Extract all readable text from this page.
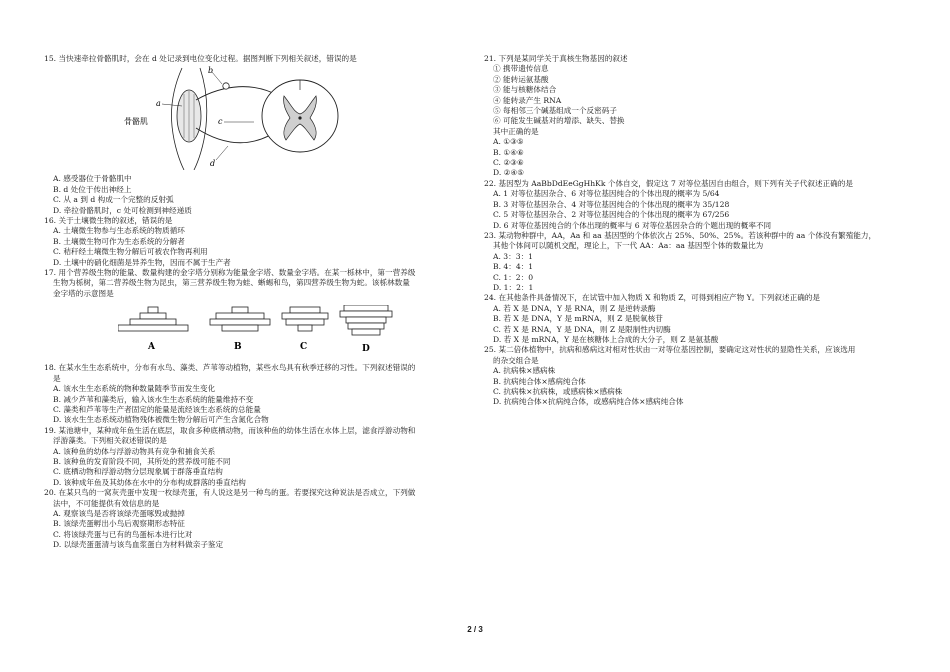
15. 当快速牵拉骨骼肌时，会在 d 处记录到电位变化过程。据图判断下列相关叙述，错误的是
a
b
c
d
骨骼肌
A. 感受器位于骨骼肌中
B. d 处位于传出神经上
C. 从 a 到 d 构成一个完整的反射弧
D. 牵拉骨骼肌时，c 处可检测到神经递质
16. 关于土壤微生物的叙述，错误的是
A. 土壤微生物参与生态系统的物质循环
B. 土壤微生物可作为生态系统的分解者
C. 秸秆经土壤微生物分解后可被农作物再利用
D. 土壤中的硝化细菌是异养生物，因而不属于生产者
17. 用个营养级生物的能量、数量构建的金字塔分别称为能量金字塔、数量金字塔。在某一栎林中，第一营养级
生物为栎树，第二营养级生物为昆虫，第三营养级生物为蛙、蜥蜴和鸟，第四营养级生物为蛇。该栎林数量
金字塔的示意图是
A	B	C	D
18. 在某水生生态系统中，分布有水鸟、藻类、芦苇等动植物，某些水鸟具有秋季迁移的习性。下列叙述错误的
是
A. 该水生生态系统的物种数量随季节而发生变化
B. 减少芦苇和藻类后，输入该水生生态系统的能量维持不变
C. 藻类和芦苇等生产者固定的能量是流经该生态系统的总能量
D. 该水生生态系统动植物残体被微生物分解后可产生含氮化合物
19. 某池塘中，某种成年鱼生活在底层，取食多种底栖动物，而该种鱼的幼体生活在水体上层，滤食浮游动物和
浮游藻类。下列相关叙述错误的是
A. 该种鱼的幼体与浮游动物具有竞争和捕食关系
B. 该种鱼的发育阶段不同，其所处的营养级可能不同
C. 底栖动物和浮游动物分层现象属于群落垂直结构
D. 该种成年鱼及其幼体在水中的分布构成群落的垂直结构
20. 在某只鸟的一窝灰壳蛋中发现一枚绿壳蛋，有人说这是另一种鸟的蛋。若要探究这种说法是否成立，下列做
法中，不可能提供有效信息的是
A. 观察该鸟是否将该绿壳蛋啄毁或抛掉
B. 该绿壳蛋孵出小鸟后观察期形态特征
C. 将该绿壳蛋与已有的鸟蛋标本进行比对
D. 以绿壳蛋蛋清与该鸟血浆蛋白为材料做亲子鉴定
21. 下列是某同学关于真核生物基因的叙述
① 携带遗传信息
② 能转运氨基酸
③ 能与核糖体结合
④ 能转录产生 RNA
⑤ 每相邻三个碱基组成一个反密码子
⑥ 可能发生碱基对的增添、缺失、替换
其中正确的是
A. ①③⑤
B. ①④⑥
C. ②③⑥
D. ②④⑤
22. 基因型为 AaBbDdEeGgHhKk 个体自交，假定这 7 对等位基因自由组合，则下列有关子代叙述正确的是
A. 1 对等位基因杂合、6 对等位基因纯合的个体出现的概率为 5/64
B. 3 对等位基因杂合、4 对等位基因纯合的个体出现的概率为 35/128
C. 5 对等位基因杂合、2 对等位基因纯合的个体出现的概率为 67/256
D. 6 对等位基因纯合的个体出现的概率与 6 对等位基因杂合的个题出现的概率不同
23. 某动物种群中，AA，Aa 和 aa 基因型的个体依次占 25%、50%、25%。若该种群中的 aa 个体没有繁殖能力，
其他个体间可以随机交配，理论上，下一代 AA：Aa：aa 基因型个体的数量比为
A. 3：3：1
B. 4：4：1
C. 1：2：0
D. 1：2：1
24. 在其他条件具备情况下，在试管中加入物质 X 和物质 Z，可得到相应产物 Y。下列叙述正确的是
A. 若 X 是 DNA，Y 是 RNA，则 Z 是逆转录酶
B. 若 X 是 DNA，Y 是 mRNA，则 Z 是脱氧核苷
C. 若 X 是 RNA，Y 是 DNA，则 Z 是限制性内切酶
D. 若 X 是 mRNA，Y 是在核糖体上合成的大分子，则 Z 是氨基酸
25. 某二倍体植物中，抗病和感病这对相对性状由一对等位基因控制，要确定这对性状的显隐性关系，应该选用
的杂交组合是
A. 抗病株×感病株
B. 抗病纯合体×感病纯合体
C. 抗病株×抗病株，或感病株×感病株
D. 抗病纯合体×抗病纯合体，或感病纯合体×感病纯合体
2 / 3
